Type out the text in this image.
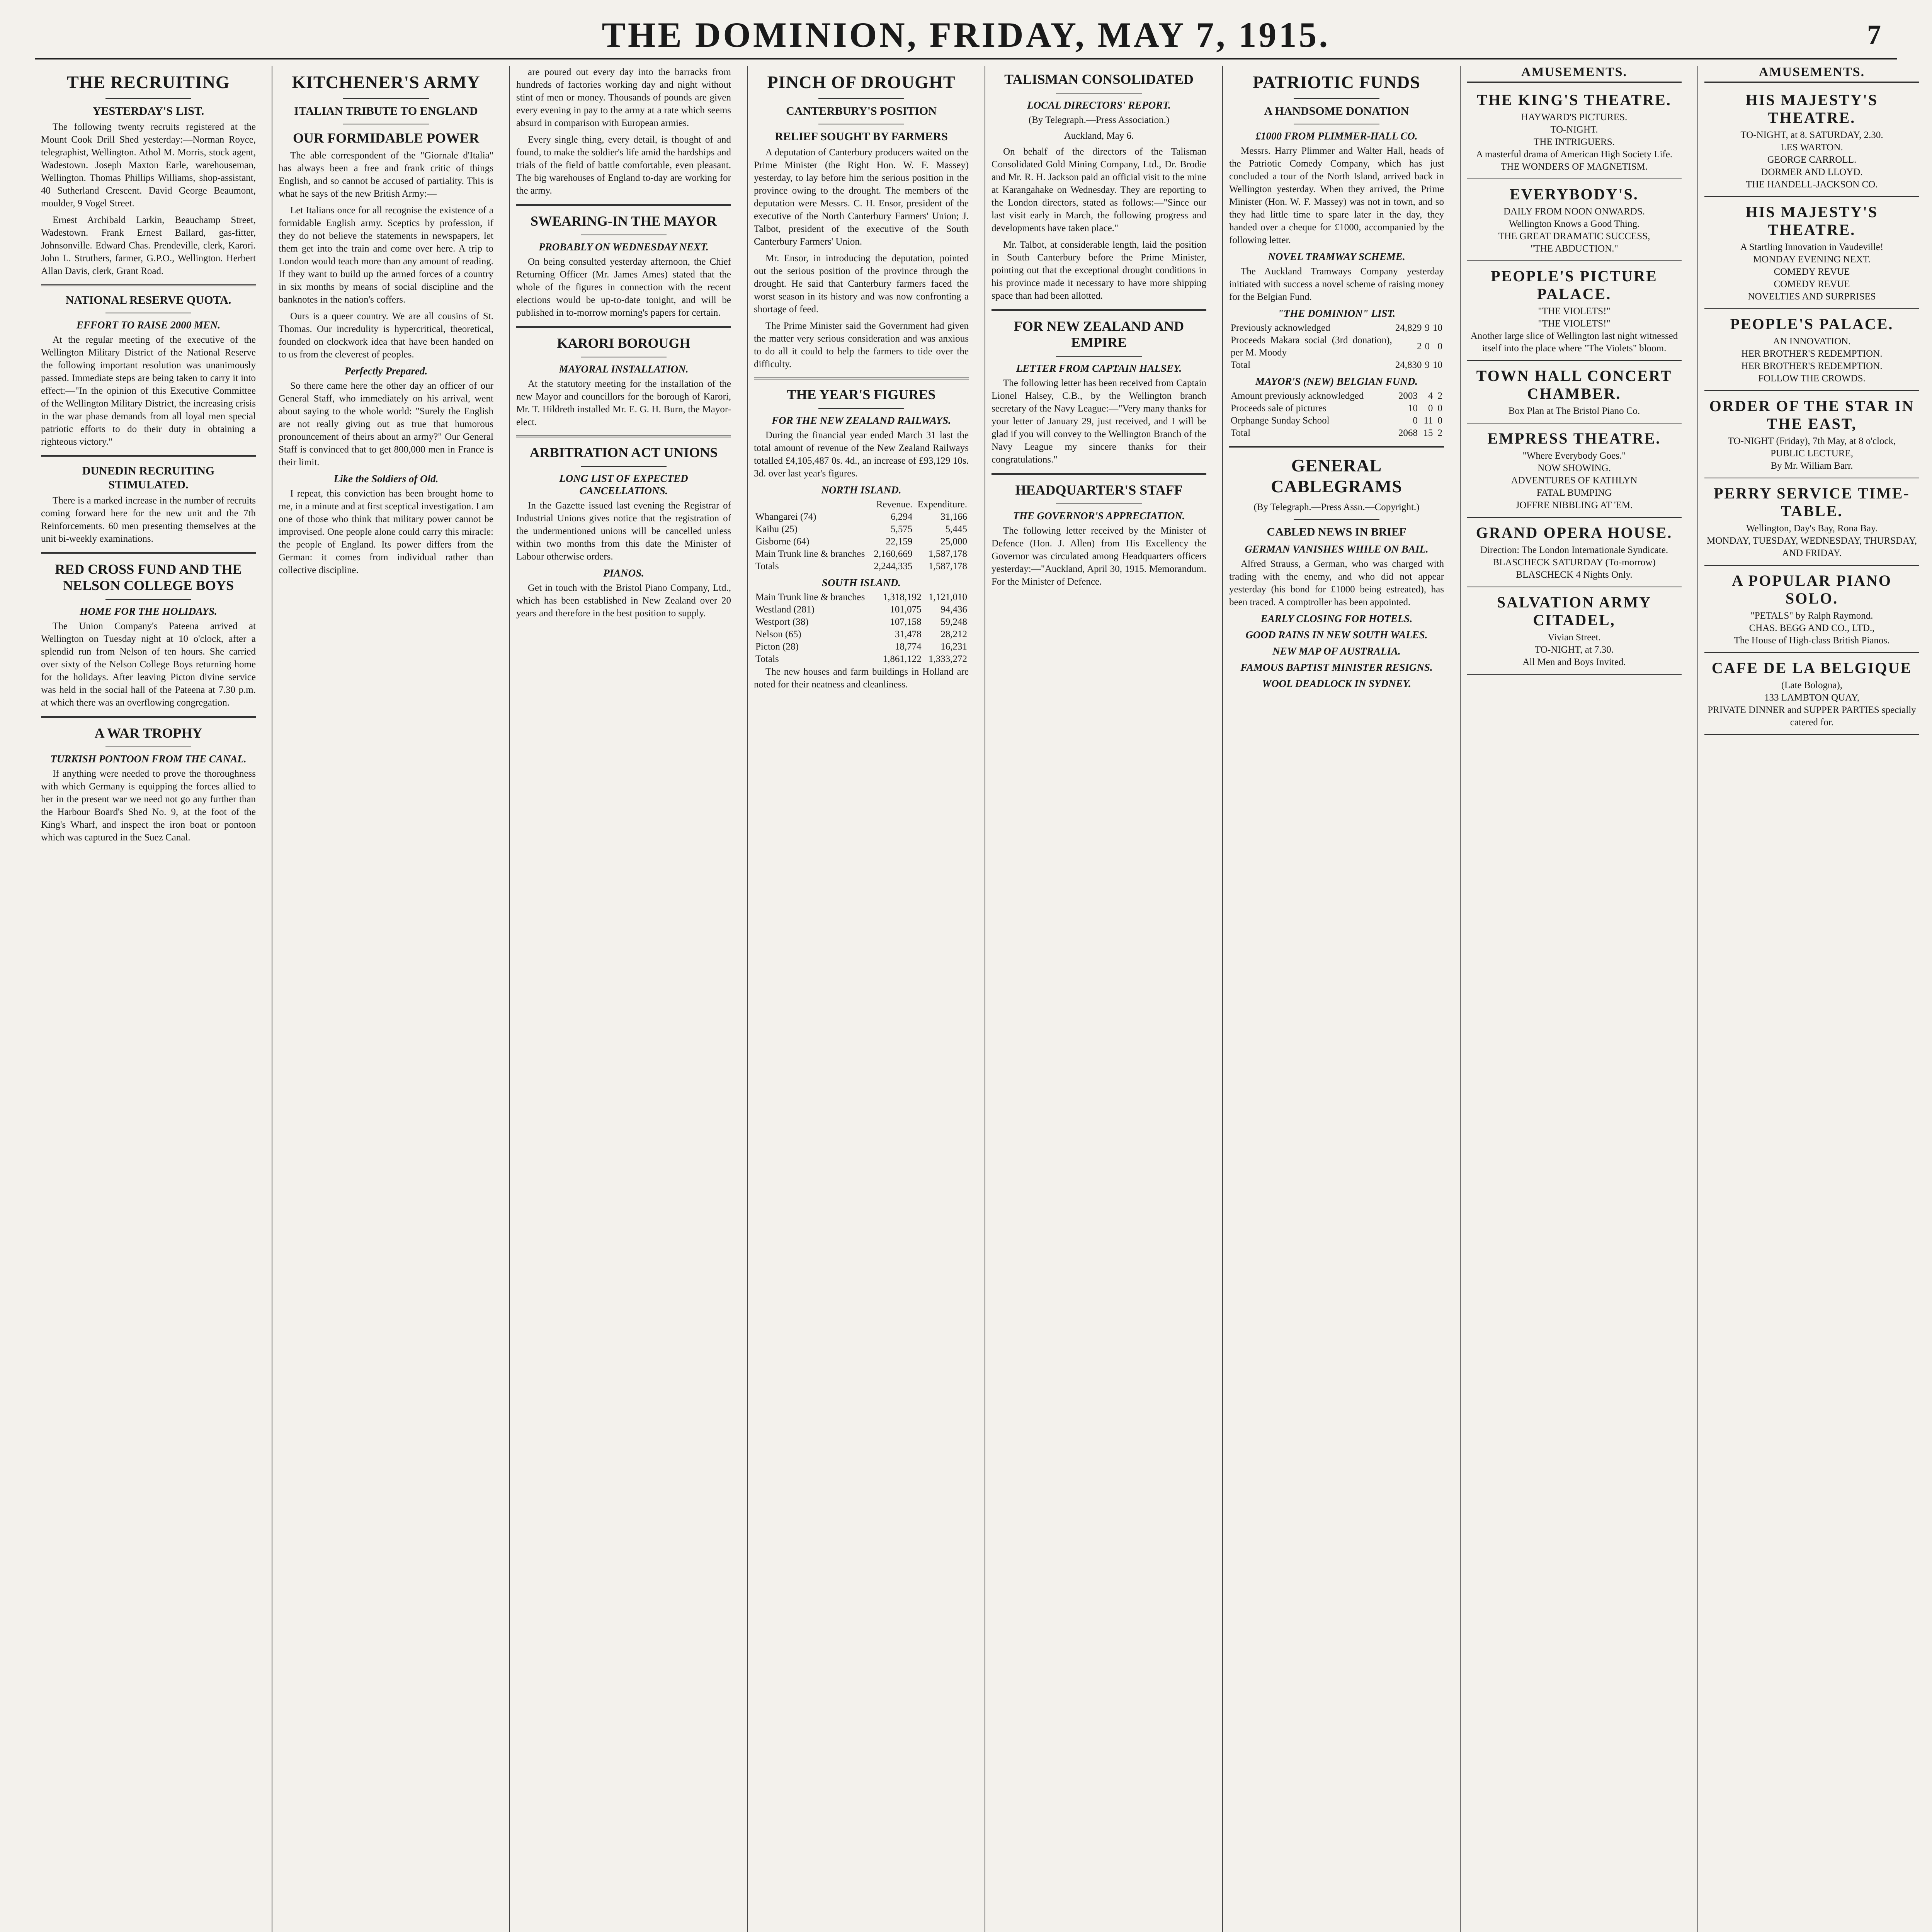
THE DOMINION, FRIDAY, MAY 7, 1915.	7
THE RECRUITING
YESTERDAY'S LIST.

The following twenty recruits registered at the Mount Cook Drill Shed yesterday:—Norman Royce, telegraphist, Wellington. Athol M. Morris, stock agent, Wadestown. Joseph Maxton Earle, warehouseman, Wellington. Thomas Phillips Williams, shop-assistant, 40 Sutherland Crescent. David George Beaumont, moulder, 9 Vogel Street.

Ernest Archibald Larkin, Beauchamp Street, Wadestown. Frank Ernest Ballard, gas-fitter, Johnsonville. Edward Chas. Prendeville, clerk, Karori. John L. Struthers, farmer, G.P.O., Wellington. Herbert Allan Davis, clerk, Grant Road.

NATIONAL RESERVE QUOTA.
EFFORT TO RAISE 2000 MEN.

At the regular meeting of the executive of the Wellington Military District of the National Reserve the following important resolution was unanimously passed. Immediate steps are being taken to carry it into effect:—"In the opinion of this Executive Committee of the Wellington Military District, the increasing crisis in the war phase demands from all loyal men special patriotic efforts to do their duty in obtaining a righteous victory."

DUNEDIN RECRUITING STIMULATED.

There is a marked increase in the number of recruits coming forward here for the new unit and the 7th Reinforcements. 60 men presenting themselves at the unit bi-weekly examinations.

RED CROSS FUND AND THE NELSON COLLEGE BOYS
HOME FOR THE HOLIDAYS.

The Union Company's Pateena arrived at Wellington on Tuesday night at 10 o'clock, after a splendid run from Nelson of ten hours. She carried over sixty of the Nelson College Boys returning home for the holidays. After leaving Picton divine service was held in the social hall of the Pateena at 7.30 p.m. at which there was an overflowing congregation.

A WAR TROPHY
TURKISH PONTOON FROM THE CANAL.

If anything were needed to prove the thoroughness with which Germany is equipping the forces allied to her in the present war we need not go any further than the Harbour Board's Shed No. 9, at the foot of the King's Wharf, and inspect the iron boat or pontoon which was captured in the Suez Canal.

KITCHENER'S ARMY
ITALIAN TRIBUTE TO ENGLAND
OUR FORMIDABLE POWER

The able correspondent of the "Giornale d'Italia" has always been a free and frank critic of things English, and so cannot be accused of partiality. This is what he says of the new British Army:—

Let Italians once for all recognise the existence of a formidable English army. Sceptics by profession, if they do not believe the statements in newspapers, let them get into the train and come over here. A trip to London would teach more than any amount of reading. If they want to build up the armed forces of a country in six months by means of social discipline and the banknotes in the nation's coffers.

Ours is a queer country. We are all cousins of St. Thomas. Our incredulity is hypercritical, theoretical, founded on clockwork idea that have been handed on to us from the cleverest of peoples.

Perfectly Prepared.

So there came here the other day an officer of our General Staff, who immediately on his arrival, went about saying to the whole world: "Surely the English are not really giving out as true that humorous pronouncement of theirs about an army?" Our General Staff is convinced that to get 800,000 men in France is their limit.

Like the Soldiers of Old.

I repeat, this conviction has been brought home to me, in a minute and at first sceptical investigation. I am one of those who think that military power cannot be improvised. One people alone could carry this miracle: the people of England. Its power differs from the German: it comes from individual rather than collective discipline.

are poured out every day into the barracks from hundreds of factories working day and night without stint of men or money. Thousands of pounds are given every evening in pay to the army at a rate which seems absurd in comparison with European armies.

Every single thing, every detail, is thought of and found, to make the soldier's life amid the hardships and trials of the field of battle comfortable, even pleasant. The big warehouses of England to-day are working for the army.

SWEARING-IN THE MAYOR
PROBABLY ON WEDNESDAY NEXT.

On being consulted yesterday afternoon, the Chief Returning Officer (Mr. James Ames) stated that the whole of the figures in connection with the recent elections would be up-to-date tonight, and will be published in to-morrow morning's papers for certain.

KARORI BOROUGH
MAYORAL INSTALLATION.

At the statutory meeting for the installation of the new Mayor and councillors for the borough of Karori, Mr. T. Hildreth installed Mr. E. G. H. Burn, the Mayor-elect.

ARBITRATION ACT UNIONS
LONG LIST OF EXPECTED CANCELLATIONS.

In the Gazette issued last evening the Registrar of Industrial Unions gives notice that the registration of the undermentioned unions will be cancelled unless within two months from this date the Minister of Labour otherwise orders.

PIANOS.

Get in touch with the Bristol Piano Company, Ltd., which has been established in New Zealand over 20 years and therefore in the best position to supply.

PINCH OF DROUGHT
CANTERBURY'S POSITION
RELIEF SOUGHT BY FARMERS

A deputation of Canterbury producers waited on the Prime Minister (the Right Hon. W. F. Massey) yesterday, to lay before him the serious position in the province owing to the drought. The members of the deputation were Messrs. C. H. Ensor, president of the executive of the North Canterbury Farmers' Union; J. Talbot, president of the executive of the South Canterbury Farmers' Union.

Mr. Ensor, in introducing the deputation, pointed out the serious position of the province through the drought. He said that Canterbury farmers faced the worst season in its history and was now confronting a shortage of feed.

The Prime Minister said the Government had given the matter very serious consideration and was anxious to do all it could to help the farmers to tide over the difficulty.

THE YEAR'S FIGURES
FOR THE NEW ZEALAND RAILWAYS.

During the financial year ended March 31 last the total amount of revenue of the New Zealand Railways totalled £4,105,487 0s. 4d., an increase of £93,129 10s. 3d. over last year's figures.

NORTH ISLAND.
	Revenue.	Expenditure.
Whangarei (74)	6,294	31,166
Kaihu (25)	5,575	5,445
Gisborne (64)	22,159	25,000
Main Trunk line & branches	2,160,669	1,587,178
Totals	2,244,335	1,587,178
SOUTH ISLAND.
Main Trunk line & branches	1,318,192	1,121,010
Westland (281)	101,075	94,436
Westport (38)	107,158	59,248
Nelson (65)	31,478	28,212
Picton (28)	18,774	16,231
Totals	1,861,122	1,333,272

The new houses and farm buildings in Holland are noted for their neatness and cleanliness.

TALISMAN CONSOLIDATED
LOCAL DIRECTORS' REPORT.
(By Telegraph.—Press Association.)
Auckland, May 6.

On behalf of the directors of the Talisman Consolidated Gold Mining Company, Ltd., Dr. Brodie and Mr. R. H. Jackson paid an official visit to the mine at Karangahake on Wednesday. They are reporting to the London directors, stated as follows:—"Since our last visit early in March, the following progress and developments have taken place."

Mr. Talbot, at considerable length, laid the position in South Canterbury before the Prime Minister, pointing out that the exceptional drought conditions in his province made it necessary to have more shipping space than had been allotted.

FOR NEW ZEALAND AND EMPIRE
LETTER FROM CAPTAIN HALSEY.

The following letter has been received from Captain Lionel Halsey, C.B., by the Wellington branch secretary of the Navy League:—"Very many thanks for your letter of January 29, just received, and I will be glad if you will convey to the Wellington Branch of the Navy League my sincere thanks for their congratulations."

HEADQUARTER'S STAFF
THE GOVERNOR'S APPRECIATION.

The following letter received by the Minister of Defence (Hon. J. Allen) from His Excellency the Governor was circulated among Headquarters officers yesterday:—"Auckland, April 30, 1915. Memorandum. For the Minister of Defence.

PATRIOTIC FUNDS
A HANDSOME DONATION
£1000 FROM PLIMMER-HALL CO.

Messrs. Harry Plimmer and Walter Hall, heads of the Patriotic Comedy Company, which has just concluded a tour of the North Island, arrived back in Wellington yesterday. When they arrived, the Prime Minister (Hon. W. F. Massey) was not in town, and so they had little time to spare later in the day, they handed over a cheque for £1000, accompanied by the following letter.

NOVEL TRAMWAY SCHEME.

The Auckland Tramways Company yesterday initiated with success a novel scheme of raising money for the Belgian Fund.

"THE DOMINION" LIST.
Previously acknowledged	24,829	9	10
Proceeds Makara social (3rd donation), per M. Moody	2	0	0
Total	24,830	9	10
MAYOR'S (NEW) BELGIAN FUND.
Amount previously acknowledged	2003	4	2
Proceeds sale of pictures	10	0	0
Orphange Sunday School	0	11	0
Total	2068	15	2
GENERAL CABLEGRAMS
(By Telegraph.—Press Assn.—Copyright.)
CABLED NEWS IN BRIEF
GERMAN VANISHES WHILE ON BAIL.

Alfred Strauss, a German, who was charged with trading with the enemy, and who did not appear yesterday (his bond for £1000 being estreated), has been traced. A comptroller has been appointed.

EARLY CLOSING FOR HOTELS.
GOOD RAINS IN NEW SOUTH WALES.
NEW MAP OF AUSTRALIA.
FAMOUS BAPTIST MINISTER RESIGNS.
WOOL DEADLOCK IN SYDNEY.
AMUSEMENTS.
THE KING'S THEATRE.
HAYWARD'S PICTURES.
TO-NIGHT.
THE INTRIGUERS.
A masterful drama of American High Society Life.
THE WONDERS OF MAGNETISM.
EVERYBODY'S.
DAILY FROM NOON ONWARDS.
Wellington Knows a Good Thing.
THE GREAT DRAMATIC SUCCESS,
"THE ABDUCTION."
PEOPLE'S PICTURE PALACE.
"THE VIOLETS!"
"THE VIOLETS!"
Another large slice of Wellington last night witnessed itself into the place where "The Violets" bloom.
TOWN HALL CONCERT CHAMBER.
Box Plan at The Bristol Piano Co.
EMPRESS THEATRE.
"Where Everybody Goes."
NOW SHOWING.
ADVENTURES OF KATHLYN
FATAL BUMPING
JOFFRE NIBBLING AT 'EM.
GRAND OPERA HOUSE.
Direction: The London Internationale Syndicate.
BLASCHECK SATURDAY (To-morrow)
BLASCHECK 4 Nights Only.
SALVATION ARMY CITADEL,
Vivian Street.
TO-NIGHT, at 7.30.
All Men and Boys Invited.
AMUSEMENTS.
HIS MAJESTY'S THEATRE.
TO-NIGHT, at 8. SATURDAY, 2.30.
LES WARTON.
GEORGE CARROLL.
DORMER AND LLOYD.
THE HANDELL-JACKSON CO.
HIS MAJESTY'S THEATRE.
A Startling Innovation in Vaudeville!
MONDAY EVENING NEXT.
COMEDY REVUE
COMEDY REVUE
NOVELTIES AND SURPRISES
PEOPLE'S PALACE.
AN INNOVATION.
HER BROTHER'S REDEMPTION.
HER BROTHER'S REDEMPTION.
FOLLOW THE CROWDS.
ORDER OF THE STAR IN THE EAST,
TO-NIGHT (Friday), 7th May, at 8 o'clock,
PUBLIC LECTURE,
By Mr. William Barr.
PERRY SERVICE TIME-TABLE.
Wellington, Day's Bay, Rona Bay.
MONDAY, TUESDAY, WEDNESDAY, THURSDAY, AND FRIDAY.
A POPULAR PIANO SOLO.
"PETALS" by Ralph Raymond.
CHAS. BEGG AND CO., LTD.,
The House of High-class British Pianos.
CAFE DE LA BELGIQUE
(Late Bologna),
133 LAMBTON QUAY,
PRIVATE DINNER and SUPPER PARTIES specially catered for.
